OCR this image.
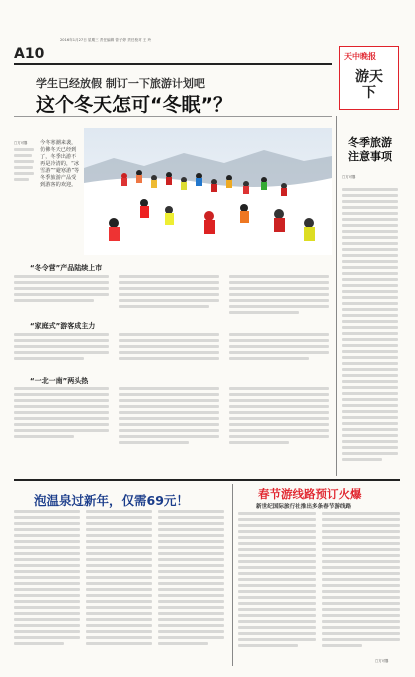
A10
2016年1月27日 星期三 责任编辑 曾子婷 责任校对 王 玲
天中晚报
游天下
学生已经放假 制订一下旅游计划吧
这个冬天怎可“冬眠”？
□方可馨 今冬寒潮来袭，仿佛冬天已经到了，冬季出游不再是冷清的，“冰雪游”“避寒游”等冬季旅游产品受到游客的欢迎。
“冬令营”产品陆续上市
“家庭式”游客成主力
“一北一南”两头热
冬季旅游
注意事项
□方可馨
泡温泉过新年，仅需69元！	春节游线路预订火爆
新世纪国际旅行社推出多条春节游线路
□方可馨
